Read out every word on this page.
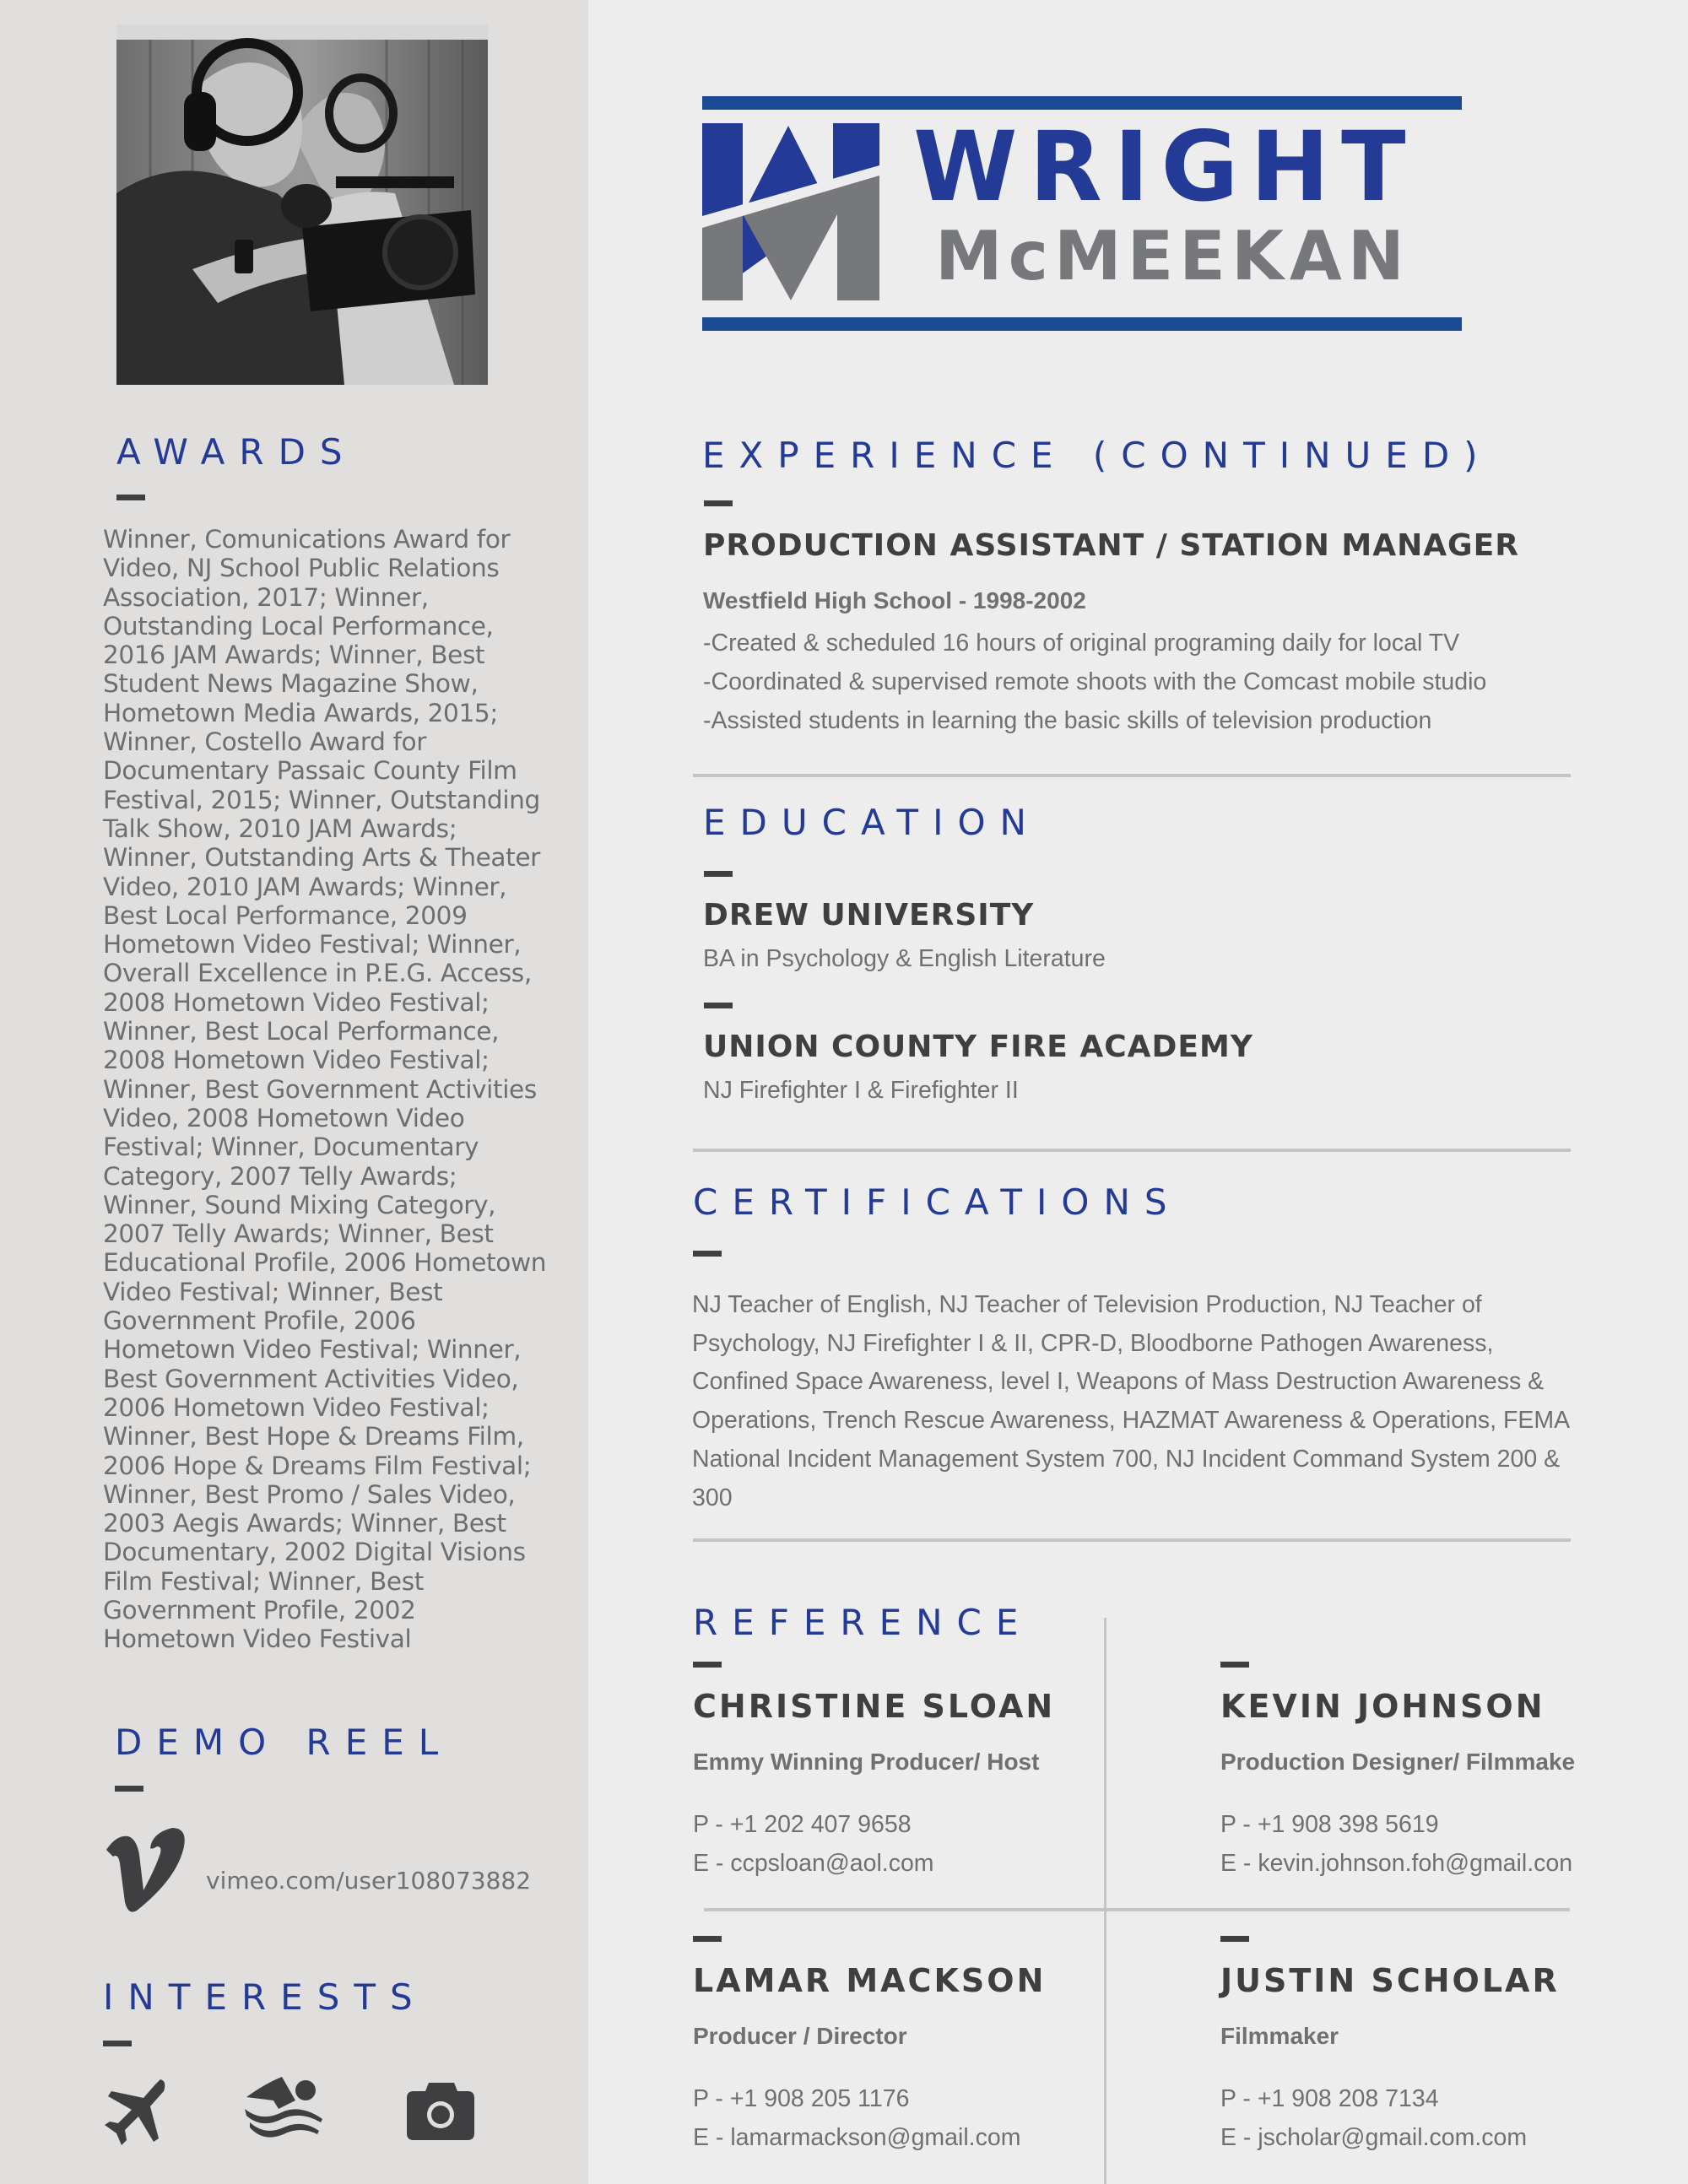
AWARDS
Winner, Comunications Award for Video, NJ School Public Relations Association, 2017; Winner, Outstanding Local Performance, 2016 JAM Awards; Winner, Best Student News Magazine Show, Hometown Media Awards, 2015; Winner, Costello Award for Documentary Passaic County Film Festival, 2015; Winner, Outstanding Talk Show, 2010 JAM Awards; Winner, Outstanding Arts & Theater Video, 2010 JAM Awards; Winner, Best Local Performance, 2009 Hometown Video Festival; Winner, Overall Excellence in P.E.G. Access, 2008 Hometown Video Festival; Winner, Best Local Performance, 2008 Hometown Video Festival; Winner, Best Government Activities Video, 2008 Hometown Video Festival; Winner, Documentary Category, 2007 Telly Awards; Winner, Sound Mixing Category, 2007 Telly Awards; Winner, Best Educational Profile, 2006 Hometown Video Festival; Winner, Best Government Profile, 2006 Hometown Video Festival; Winner, Best Government Activities Video, 2006 Hometown Video Festival; Winner, Best Hope & Dreams Film, 2006 Hope & Dreams Film Festival; Winner, Best Promo / Sales Video, 2003 Aegis Awards; Winner, Best Documentary, 2002 Digital Visions Film Festival; Winner, Best Government Profile, 2002 Hometown Video Festival
DEMO REEL
vimeo.com/user108073882
INTERESTS
WRIGHT
McMEEKAN
EXPERIENCE (CONTINUED)
PRODUCTION ASSISTANT / STATION MANAGER
Westfield High School - 1998-2002
-Created & scheduled 16 hours of original programing daily for local TV
-Coordinated & supervised remote shoots with the Comcast mobile studio
-Assisted students in learning the basic skills of television production
EDUCATION
DREW UNIVERSITY
BA in Psychology & English Literature
UNION COUNTY FIRE ACADEMY
NJ Firefighter I & Firefighter II
CERTIFICATIONS
NJ Teacher of English, NJ Teacher of Television Production, NJ Teacher of Psychology, NJ Firefighter I & II, CPR-D, Bloodborne Pathogen Awareness, Confined Space Awareness, level I, Weapons of Mass Destruction Awareness & Operations, Trench Rescue Awareness, HAZMAT Awareness & Operations, FEMA National Incident Management System 700, NJ Incident Command System 200 & 300
REFERENCE
CHRISTINE SLOAN
Emmy Winning Producer/ Host
P - +1 202 407 9658
E - ccpsloan@aol.com
KEVIN JOHNSON
Production Designer/ Filmmake
P - +1 908 398 5619
E - kevin.johnson.foh@gmail.con
LAMAR MACKSON
Producer / Director
P - +1 908 205 1176
E - lamarmackson@gmail.com
JUSTIN SCHOLAR
Filmmaker
P - +1 908 208 7134
E - jscholar@gmail.com.com
